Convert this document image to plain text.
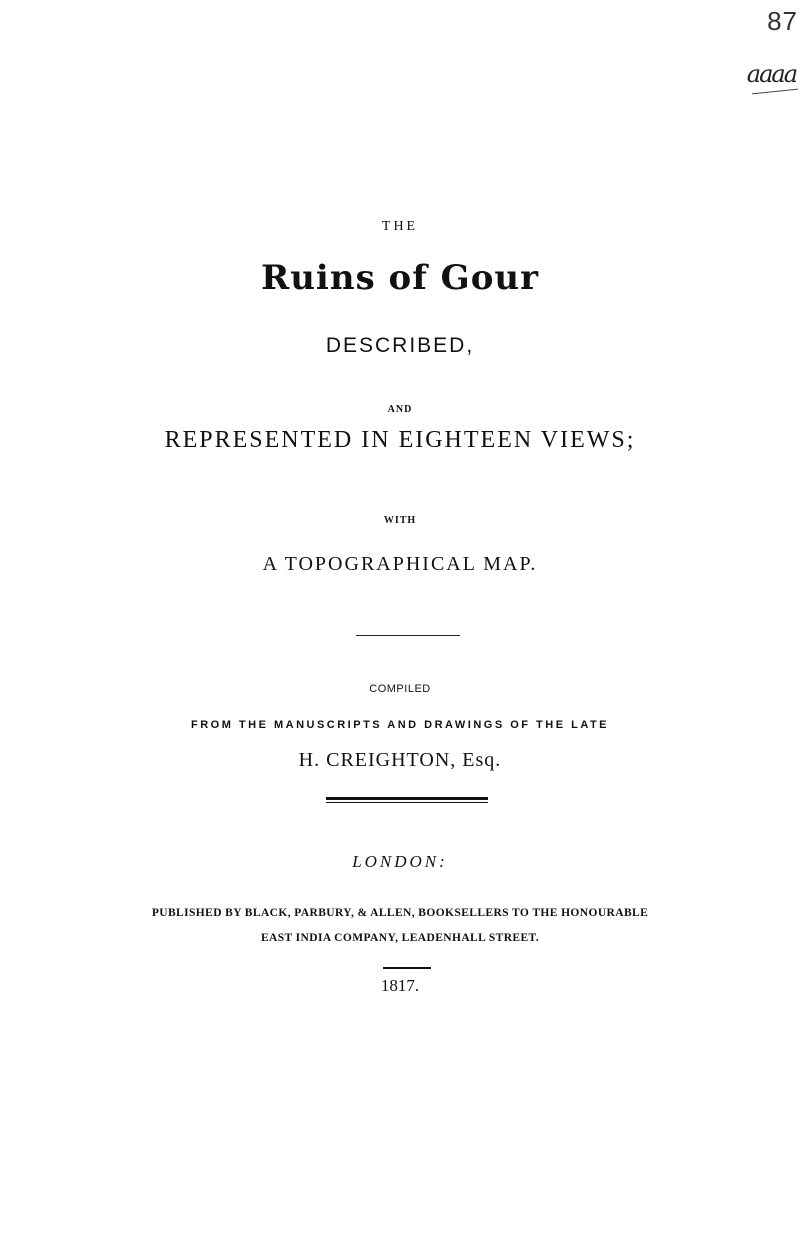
87
aaaa
THE
Ruins of Gour
DESCRIBED,
AND
REPRESENTED IN EIGHTEEN VIEWS;
WITH
A TOPOGRAPHICAL MAP.
COMPILED
FROM THE MANUSCRIPTS AND DRAWINGS OF THE LATE
H. CREIGHTON, Esq.
LONDON:
PUBLISHED BY BLACK, PARBURY, & ALLEN, BOOKSELLERS TO THE HONOURABLE
EAST INDIA COMPANY, LEADENHALL STREET.
1817.
